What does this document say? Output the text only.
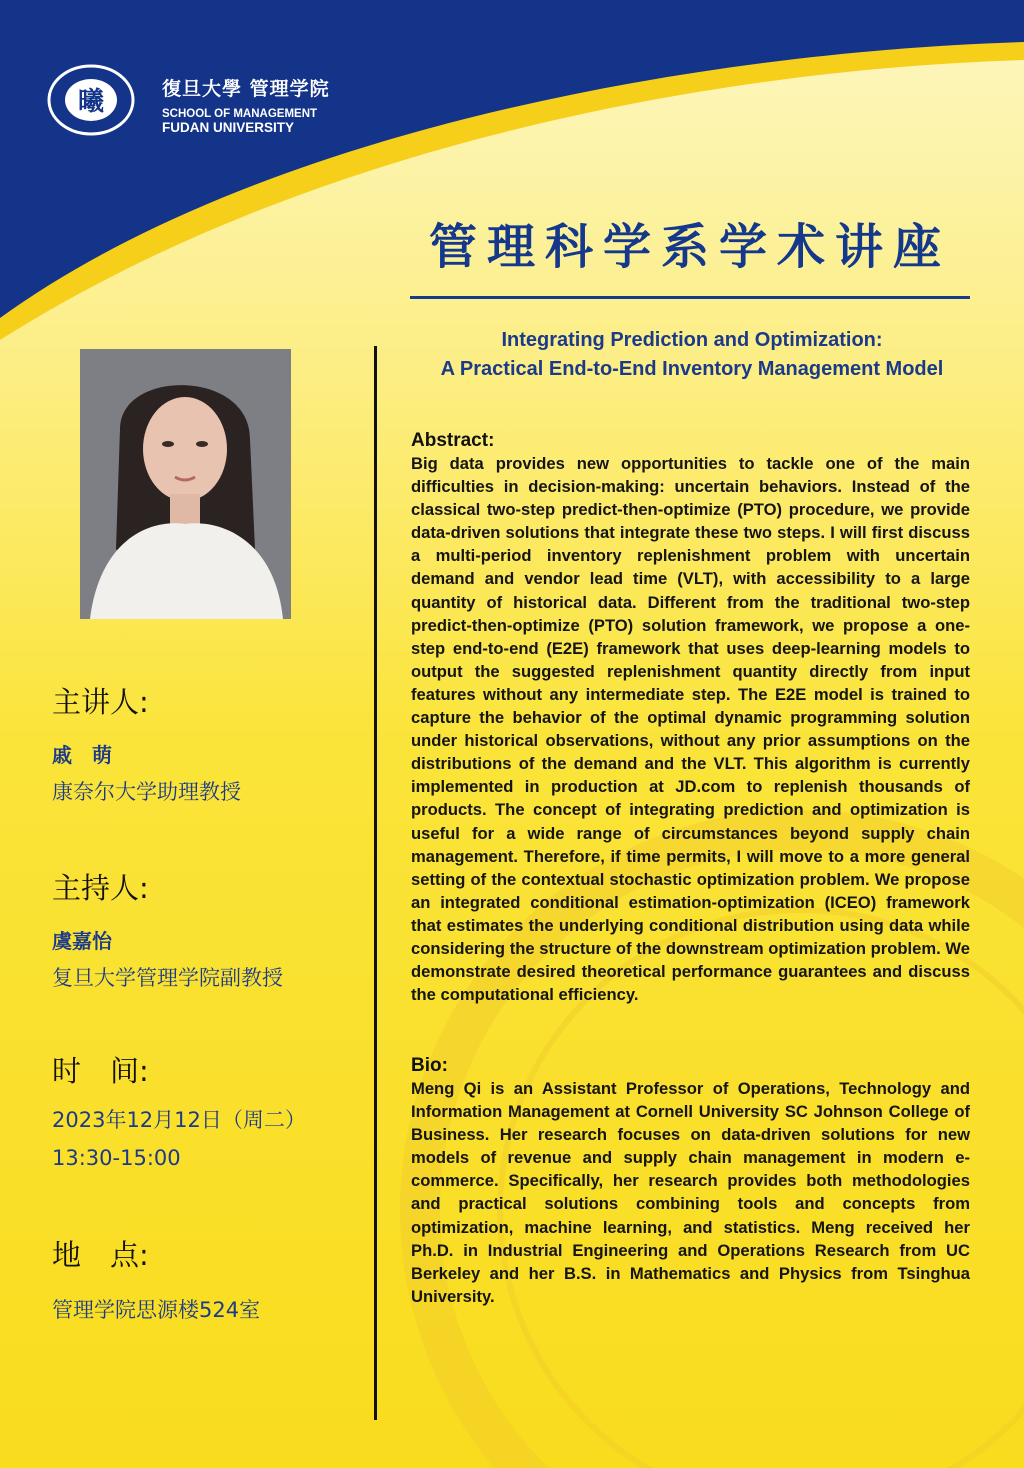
曦	復旦大學 管理学院
SCHOOL OF MANAGEMENT
FUDAN UNIVERSITY
管理科学系学术讲座
Integrating Prediction and Optimization:
A Practical End-to-End Inventory Management Model
主讲人:
戚　萌
康奈尔大学助理教授
主持人:
虞嘉怡
复旦大学管理学院副教授
时　间:
2023年12月12日（周二）
13:30-15:00
地　点:
管理学院思源楼524室
Abstract:
Big data provides new opportunities to tackle one of the main difficulties in decision-making: uncertain behaviors. Instead of the classical two-step predict-then-optimize (PTO) procedure, we provide data-driven solutions that integrate these two steps. I will first discuss a multi-period inventory replenishment problem with uncertain demand and vendor lead time (VLT), with accessibility to a large quantity of historical data. Different from the traditional two-step predict-then-optimize (PTO) solution framework, we propose a one-step end-to-end (E2E) framework that uses deep-learning models to output the suggested replenishment quantity directly from input features without any intermediate step. The E2E model is trained to capture the behavior of the optimal dynamic programming solution under historical observations, without any prior assumptions on the distributions of the demand and the VLT. This algorithm is currently implemented in production at JD.com to replenish thousands of products. The concept of integrating prediction and optimization is useful for a wide range of circumstances beyond supply chain management. Therefore, if time permits, I will move to a more general setting of the contextual stochastic optimization problem. We propose an integrated conditional estimation-optimization (ICEO) framework that estimates the underlying conditional distribution using data while considering the structure of the downstream optimization problem. We demonstrate desired theoretical performance guarantees and discuss the computational efficiency.
Bio:
Meng Qi is an Assistant Professor of Operations, Technology and Information Management at Cornell University SC Johnson College of Business. Her research focuses on data-driven solutions for new models of revenue and supply chain management in modern e-commerce. Specifically, her research provides both methodologies and practical solutions combining tools and concepts from optimization, machine learning, and statistics. Meng received her Ph.D. in Industrial Engineering and Operations Research from UC Berkeley and her B.S. in Mathematics and Physics from Tsinghua University.
